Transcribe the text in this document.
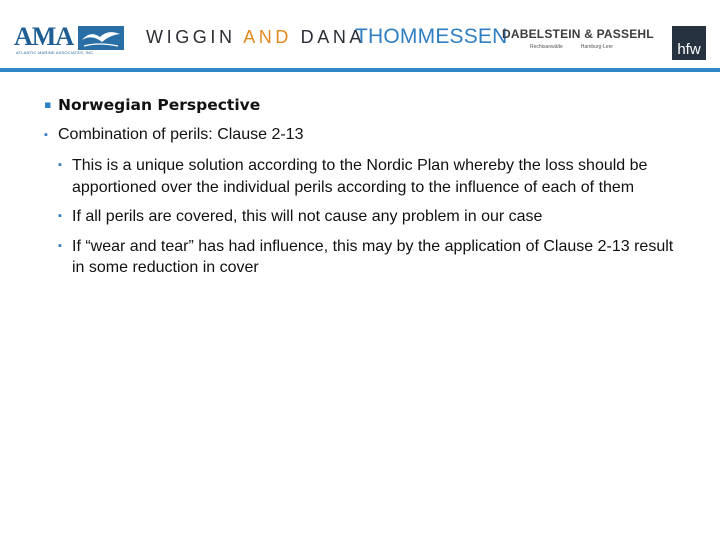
AMA
ATLANTIC MARINE ASSOCIATES, INC.
WIGGIN AND DANA
THOMMESSEN
DABELSTEIN & PASSEHL
Rechtsanwälte	Hamburg·Leer	hfw
▪ Norwegian Perspective
▪ Combination of perils: Clause 2-13
▪ This is a unique solution according to the Nordic Plan whereby the loss should be apportioned over the individual perils according to the influence of each of them
▪ If all perils are covered, this will not cause any problem in our case
▪ If “wear and tear” has had influence, this may by the application of Clause 2-13 result in some reduction in cover
